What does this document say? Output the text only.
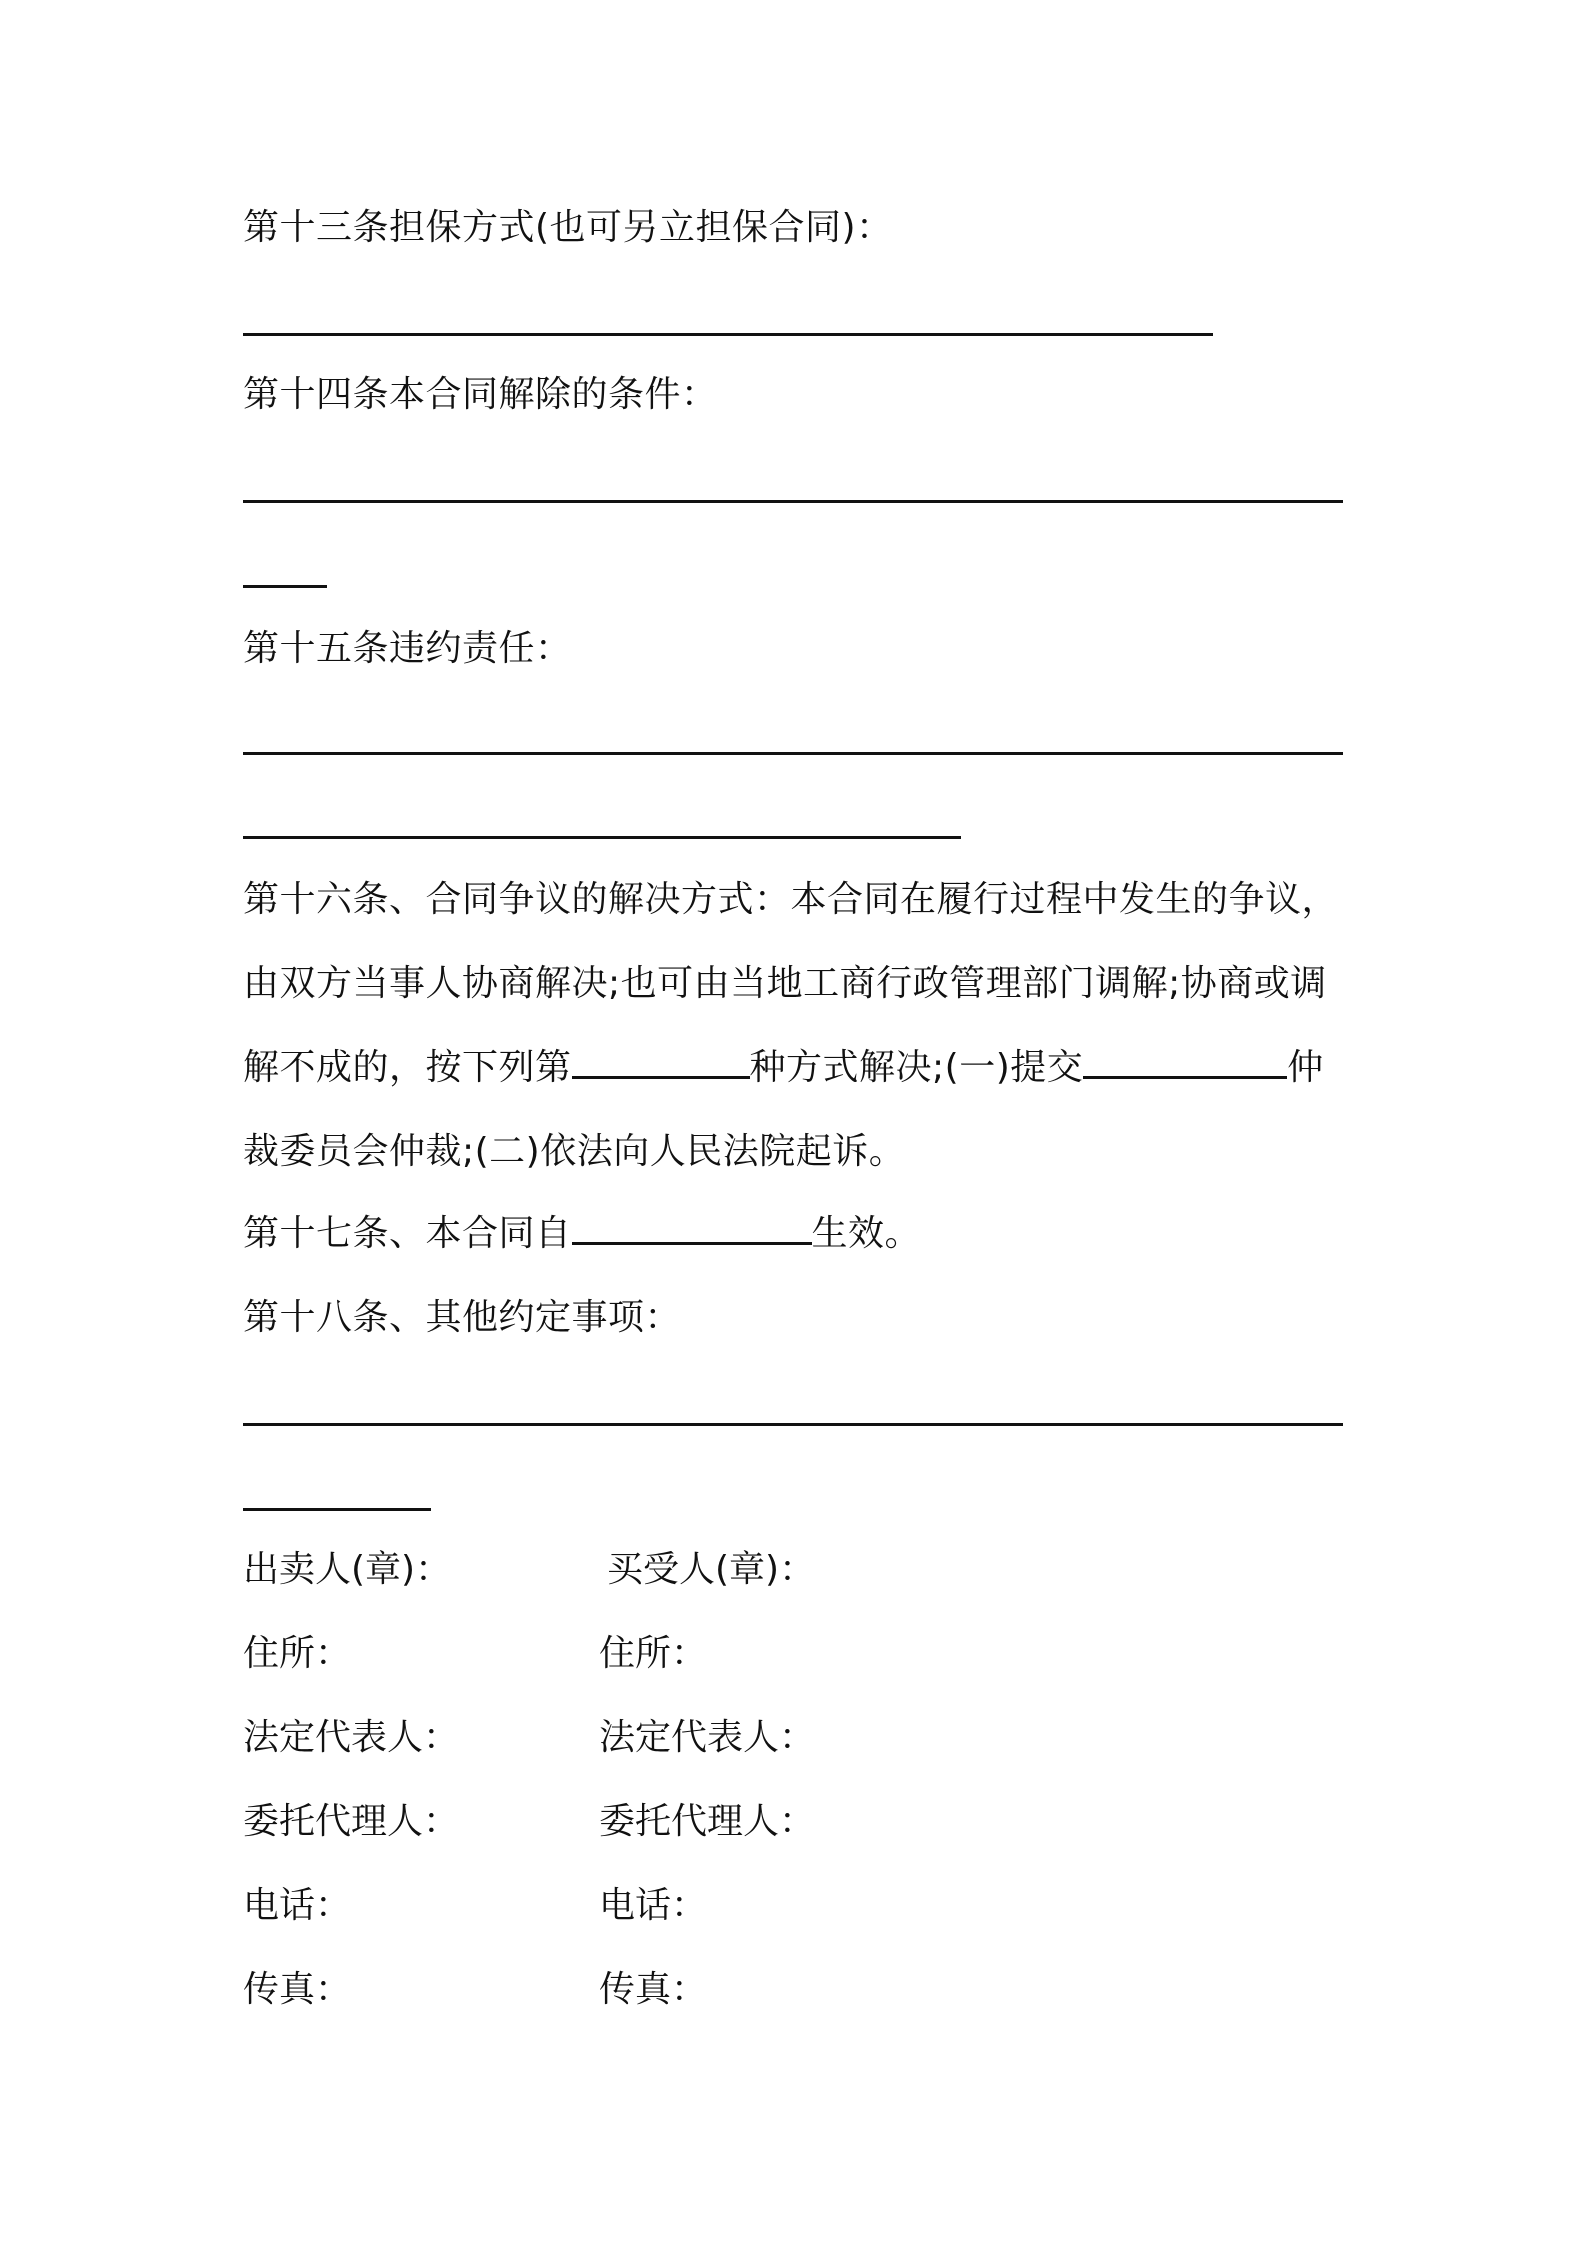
第十三条担保方式(也可另立担保合同)：
第十四条本合同解除的条件：
第十五条违约责任：
第十六条、合同争议的解决方式：本合同在履行过程中发生的争议，
由双方当事人协商解决;也可由当地工商行政管理部门调解;协商或调
解不成的，按下列第	种方式解决;(一)提交	仲
裁委员会仲裁;(二)依法向人民法院起诉。
第十七条、本合同自	生效。
第十八条、其他约定事项：
出卖人(章)：	买受人(章)：
住所：	住所：
法定代表人：	法定代表人：
委托代理人：	委托代理人：
电话：	电话：
传真：	传真：
